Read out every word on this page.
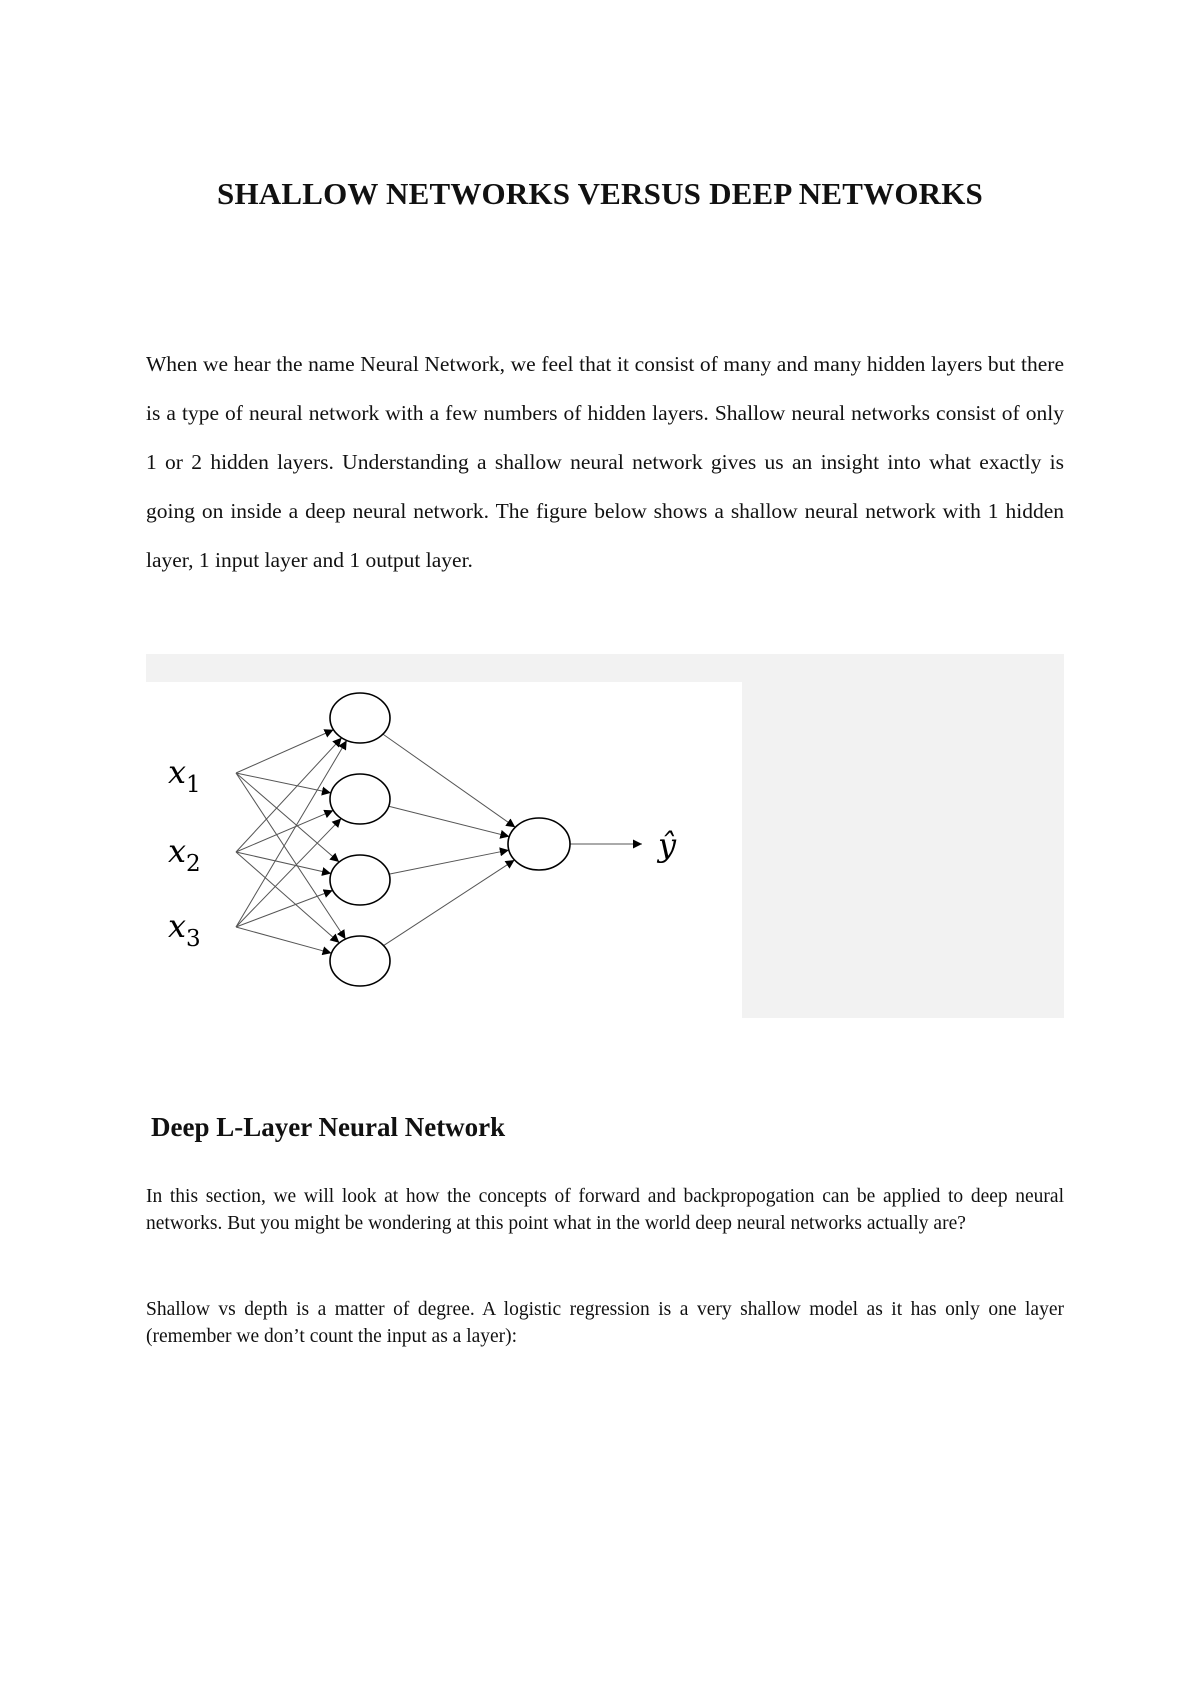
SHALLOW NETWORKS VERSUS DEEP NETWORKS

When we hear the name Neural Network, we feel that it consist of many and many hidden layers but there is a type of neural network with a few numbers of hidden layers. Shallow neural networks consist of only 1 or 2 hidden layers. Understanding a shallow neural network gives us an insight into what exactly is going on inside a deep neural network. The figure below shows a shallow neural network with 1 hidden layer, 1 input layer and 1 output layer.

$x_1$
$x_2$
$x_3$
ŷ
Deep L-Layer Neural Network

In this section, we will look at how the concepts of forward and backpropogation can be applied to deep neural networks. But you might be wondering at this point what in the world deep neural networks actually are?

Shallow vs depth is a matter of degree. A logistic regression is a very shallow model as it has only one layer (remember we don’t count the input as a layer):
